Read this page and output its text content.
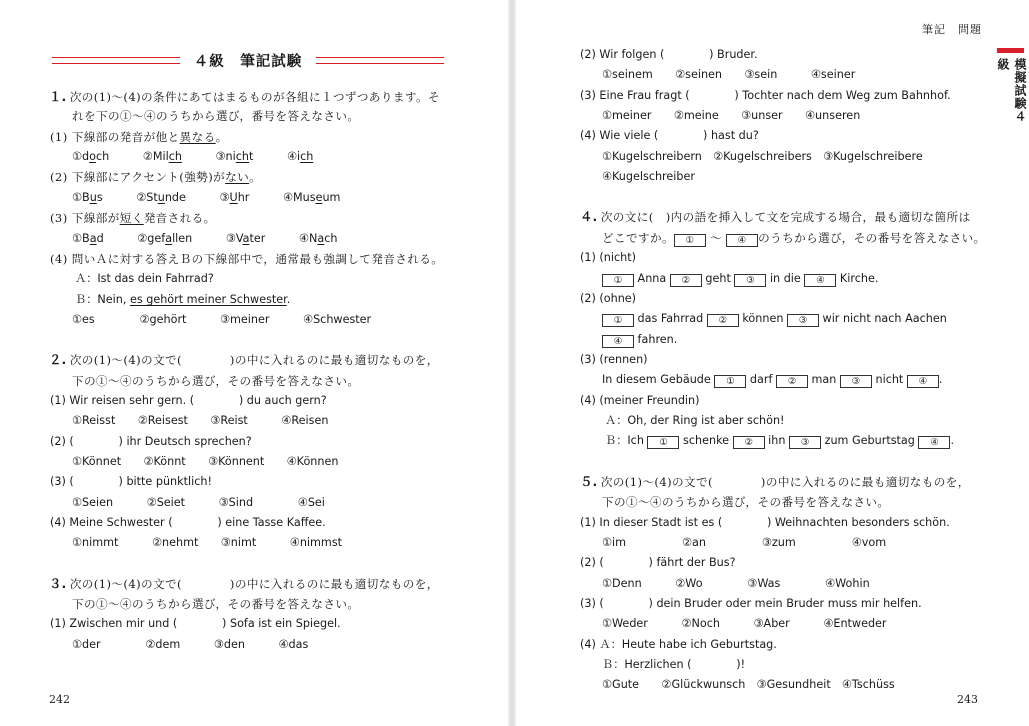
４級　筆記試験
筆記　問題
模擬試験４級
１. 次の(1)～(4)の条件にあてはまるものが各組に１つずつあります。そ
れを下の①～④のうちから選び，番号を答えなさい。
(1) 下線部の発音が他と異なる。
①doch　　　②Milch　　　③nicht　　　④ich
(2) 下線部にアクセント(強勢)がない。
①Bus　　　②Stunde　　　③Uhr　　　④Museum
(3) 下線部が短く発音される。
①Bad　　　②gefallen　　　③Vater　　　④Nach
(4) 問いＡに対する答えＢの下線部中で，通常最も強調して発音される。
Ａ：Ist das dein Fahrrad?
Ｂ：Nein, es gehört meiner Schwester.
①es　　　　②gehört　　　③meiner　　　④Schwester
２. 次の(1)～(4)の文で(　　　　)の中に入れるのに最も適切なものを，
下の①～④のうちから選び，その番号を答えなさい。
(1) Wir reisen sehr gern. (　　　　) du auch gern?
①Reisst　　②Reisest　　③Reist　　　④Reisen
(2) (　　　　) ihr Deutsch sprechen?
①Könnet　　②Könnt　　③Könnent　　④Können
(3) (　　　　) bitte pünktlich!
①Seien　　　②Seiet　　　③Sind　　　　④Sei
(4) Meine Schwester (　　　　) eine Tasse Kaffee.
①nimmt　　　②nehmt　　③nimt　　　④nimmst
３. 次の(1)～(4)の文で(　　　　)の中に入れるのに最も適切なものを，
下の①～④のうちから選び，その番号を答えなさい。
(1) Zwischen mir und (　　　　) Sofa ist ein Spiegel.
①der　　　　②dem　　　③den　　　④das
(2) Wir folgen (　　　　) Bruder.
①seinem　　②seinen　　③sein　　　④seiner
(3) Eine Frau fragt (　　　　) Tochter nach dem Weg zum Bahnhof.
①meiner　　②meine　　③unser　　④unseren
(4) Wie viele (　　　　) hast du?
①Kugelschreibern　②Kugelschreibers　③Kugelschreibere
④Kugelschreiber
４. 次の文に(　)内の語を挿入して文を完成する場合，最も適切な箇所は
どこですか。 ① ～ ④ のうちから選び，その番号を答えなさい。
(1) (nicht)
① Anna ② geht ③ in die ④ Kirche.
(2) (ohne)
① das Fahrrad ② können ③ wir nicht nach Aachen
④ fahren.
(3) (rennen)
In diesem Gebäude ① darf ② man ③ nicht ④ .
(4) (meiner Freundin)
Ａ：Oh, der Ring ist aber schön!
Ｂ：Ich ① schenke ② ihn ③ zum Geburtstag ④ .
５. 次の(1)～(4)の文で(　　　　)の中に入れるのに最も適切なものを，
下の①～④のうちから選び，その番号を答えなさい。
(1) In dieser Stadt ist es (　　　　) Weihnachten besonders schön.
①im　　　　　②an　　　　　③zum　　　　　④vom
(2) (　　　　) fährt der Bus?
①Denn　　　②Wo　　　　③Was　　　　④Wohin
(3) (　　　　) dein Bruder oder mein Bruder muss mir helfen.
①Weder　　　②Noch　　　③Aber　　　④Entweder
(4) Ａ：Heute habe ich Geburtstag.
Ｂ：Herzlichen (　　　　)!
①Gute　　②Glückwunsch　③Gesundheit　④Tschüss
242	243
